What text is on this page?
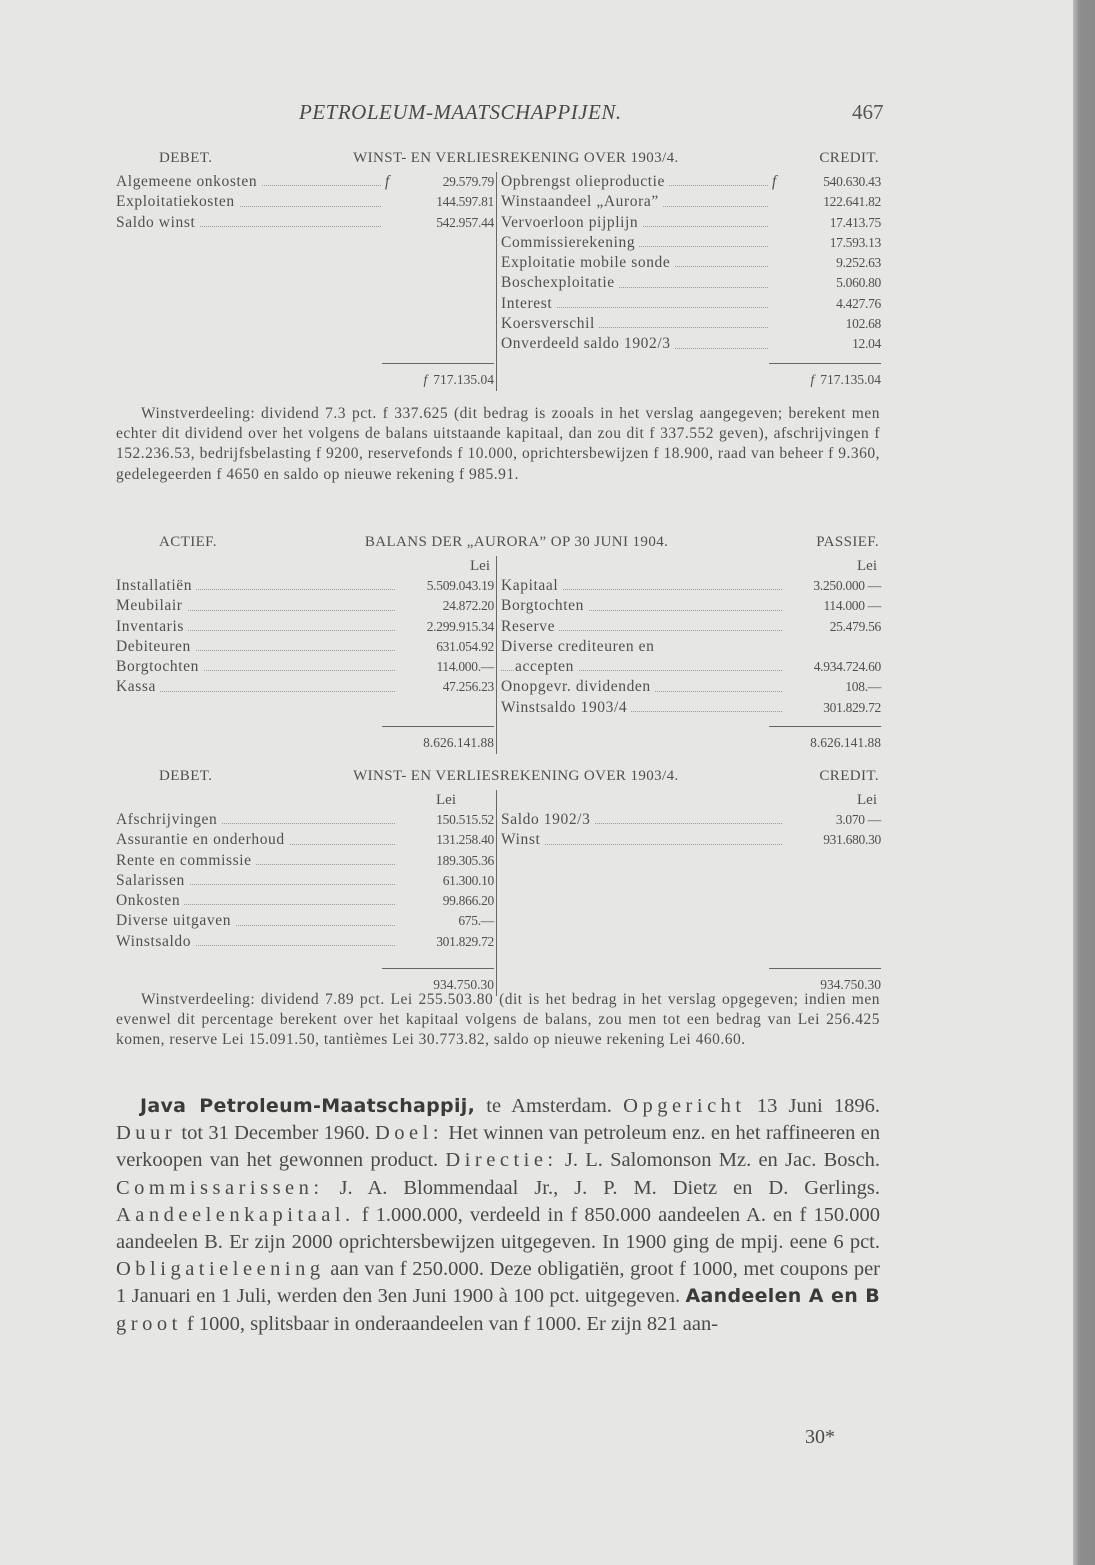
PETROLEUM-MAATSCHAPPIJEN.	467
DEBET.	WINST- EN VERLIESREKENING OVER 1903/4.	CREDIT.
Algemeene onkosten	f	29.579.79
Exploitatiekosten	144.597.81
Saldo winst	542.957.44
f 717.135.04
Opbrengst olieproductie	f	540.630.43
Winstaandeel „Aurora”	122.641.82
Vervoerloon pijplijn	17.413.75
Commissierekening	17.593.13
Exploitatie mobile sonde	9.252.63
Boschexploitatie	5.060.80
Interest	4.427.76
Koersverschil	102.68
Onverdeeld saldo 1902/3	12.04
f 717.135.04

Winstverdeeling: dividend 7.3 pct. f 337.625 (dit bedrag is zooals in het verslag aangegeven; berekent men echter dit dividend over het volgens de balans uitstaande kapitaal, dan zou dit f 337.552 geven), afschrijvingen f 152.236.53, bedrijfsbelasting f 9200, reservefonds f 10.000, oprichtersbewijzen f 18.900, raad van beheer f 9.360, gedelegeerden f 4650 en saldo op nieuwe rekening f 985.91.

ACTIEF.	BALANS DER „AURORA” OP 30 JUNI 1904.	PASSIEF.
Lei
Installatiën	5.509.043.19
Meubilair	24.872.20
Inventaris	2.299.915.34
Debiteuren	631.054.92
Borgtochten	114.000.—
Kassa	47.256.23
8.626.141.88
Lei
Kapitaal	3.250.000 —
Borgtochten	114.000 —
Reserve	25.479.56
Diverse crediteuren en
accepten	4.934.724.60
Onopgevr. dividenden	108.—
Winstsaldo 1903/4	301.829.72
8.626.141.88
DEBET.	WINST- EN VERLIESREKENING OVER 1903/4.	CREDIT.
Lei
Afschrijvingen	150.515.52
Assurantie en onderhoud	131.258.40
Rente en commissie	189.305.36
Salarissen	61.300.10
Onkosten	99.866.20
Diverse uitgaven	675.—
Winstsaldo	301.829.72
934.750.30
Lei
Saldo 1902/3	3.070 —
Winst	931.680.30
934.750.30

Winstverdeeling: dividend 7.89 pct. Lei 255.503.80 (dit is het bedrag in het verslag opgegeven; indien men evenwel dit percentage berekent over het kapitaal volgens de balans, zou men tot een bedrag van Lei 256.425 komen, reserve Lei 15.091.50, tantièmes Lei 30.773.82, saldo op nieuwe rekening Lei 460.60.

Java Petroleum-Maatschappij, te Amsterdam. Opgericht 13 Juni 1896. Duur tot 31 December 1960. Doel: Het winnen van petroleum enz. en het raffineeren en verkoopen van het gewonnen product. Directie: J. L. Salomonson Mz. en Jac. Bosch. Commissarissen: J. A. Blommendaal Jr., J. P. M. Dietz en D. Gerlings. Aandeelenkapitaal. f 1.000.000, verdeeld in f 850.000 aandeelen A. en f 150.000 aandeelen B. Er zijn 2000 oprichtersbewijzen uitgegeven. In 1900 ging de mpij. eene 6 pct. Obligatieleening aan van f 250.000. Deze obligatiën, groot f 1000, met coupons per 1 Januari en 1 Juli, werden den 3en Juni 1900 à 100 pct. uitgegeven. Aandeelen A en B groot f 1000, splitsbaar in onderaandeelen van f 1000. Er zijn 821 aan-

30*
